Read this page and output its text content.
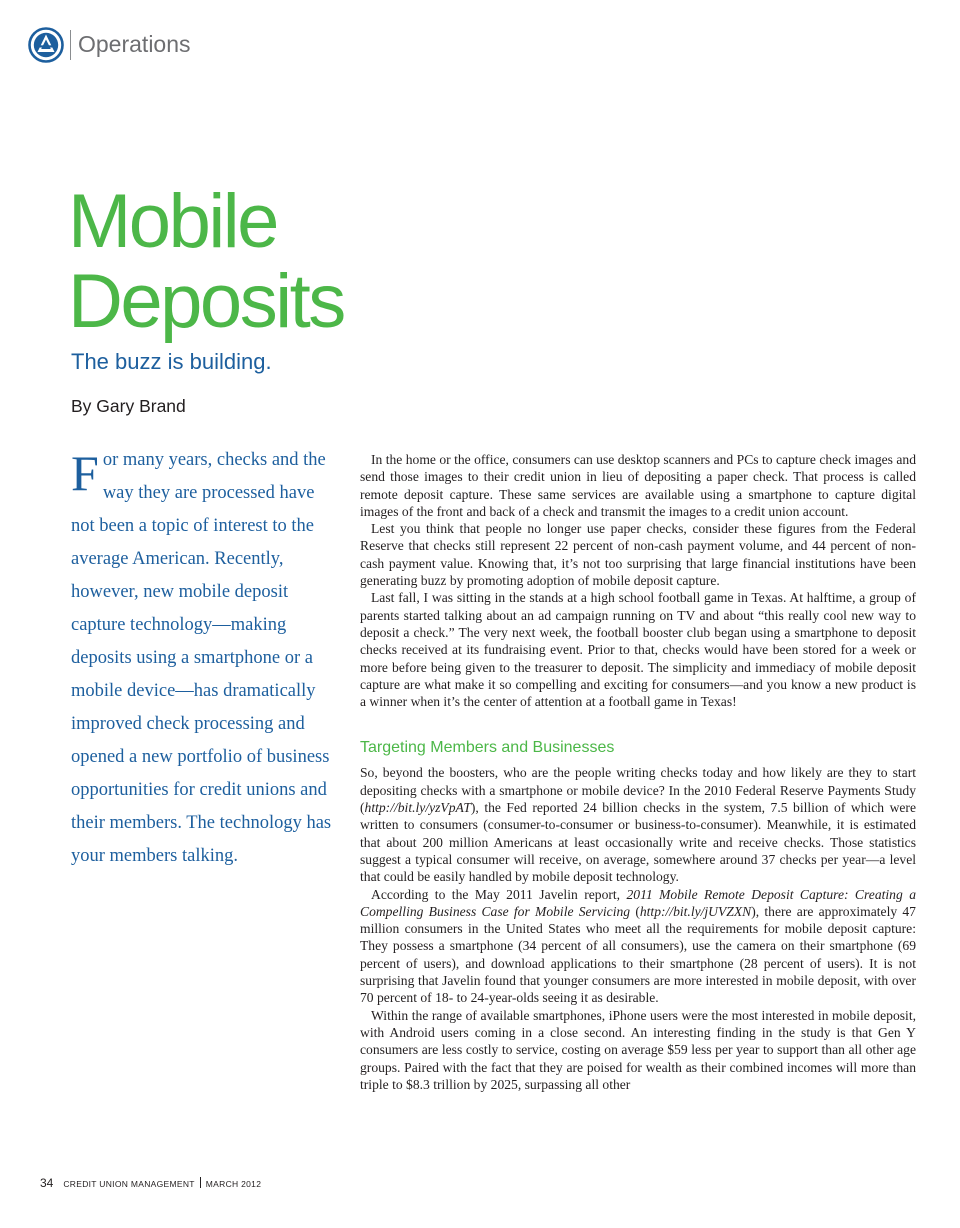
Operations
Mobile
Deposits
The buzz is building.
By Gary Brand

For many years, checks and the way they are processed have not been a topic of interest to the average American. Recently, however, new mobile deposit capture technology—making deposits using a smartphone or a mobile device—has dramatically improved check processing and opened a new portfolio of business opportunities for credit unions and their members. The technology has your members talking.

In the home or the office, consumers can use desktop scanners and PCs to capture check images and send those images to their credit union in lieu of depositing a paper check. That process is called remote deposit capture. These same services are available using a smartphone to capture digital images of the front and back of a check and transmit the images to a credit union account.

Lest you think that people no longer use paper checks, consider these figures from the Federal Reserve that checks still represent 22 percent of non-cash payment volume, and 44 percent of non-cash payment value. Knowing that, it’s not too surprising that large financial institutions have been generating buzz by promoting adoption of mobile deposit capture.

Last fall, I was sitting in the stands at a high school football game in Texas. At halftime, a group of parents started talking about an ad campaign running on TV and about “this really cool new way to deposit a check.” The very next week, the football booster club began using a smartphone to deposit checks received at its fundraising event. Prior to that, checks would have been stored for a week or more before being given to the treasurer to deposit. The simplicity and immediacy of mobile deposit capture are what make it so compelling and exciting for consumers—and you know a new product is a winner when it’s the center of attention at a football game in Texas!

Targeting Members and Businesses

So, beyond the boosters, who are the people writing checks today and how likely are they to start depositing checks with a smartphone or mobile device? In the 2010 Federal Reserve Payments Study (http://bit.ly/yzVpAT), the Fed reported 24 billion checks in the system, 7.5 billion of which were written to consumers (consumer-to-consumer or business-to-consumer). Meanwhile, it is estimated that about 200 million Americans at least occasionally write and receive checks. Those statistics suggest a typical consumer will receive, on average, somewhere around 37 checks per year—a level that could be easily handled by mobile deposit technology.

According to the May 2011 Javelin report, 2011 Mobile Remote Deposit Capture: Creating a Compelling Business Case for Mobile Servicing (http://bit.ly/jUVZXN), there are approximately 47 million consumers in the United States who meet all the requirements for mobile deposit capture: They possess a smartphone (34 percent of all consumers), use the camera on their smartphone (69 percent of users), and download applications to their smartphone (28 percent of users). It is not surprising that Javelin found that younger consumers are more interested in mobile deposit, with over 70 percent of 18- to 24-year-olds seeing it as desirable.

Within the range of available smartphones, iPhone users were the most interested in mobile deposit, with Android users coming in a close second. An interesting finding in the study is that Gen Y consumers are less costly to service, costing on average $59 less per year to support than all other age groups. Paired with the fact that they are poised for wealth as their combined incomes will more than triple to $8.3 trillion by 2025, surpassing all other

34 CREDIT UNION MANAGEMENT MARCH 2012
